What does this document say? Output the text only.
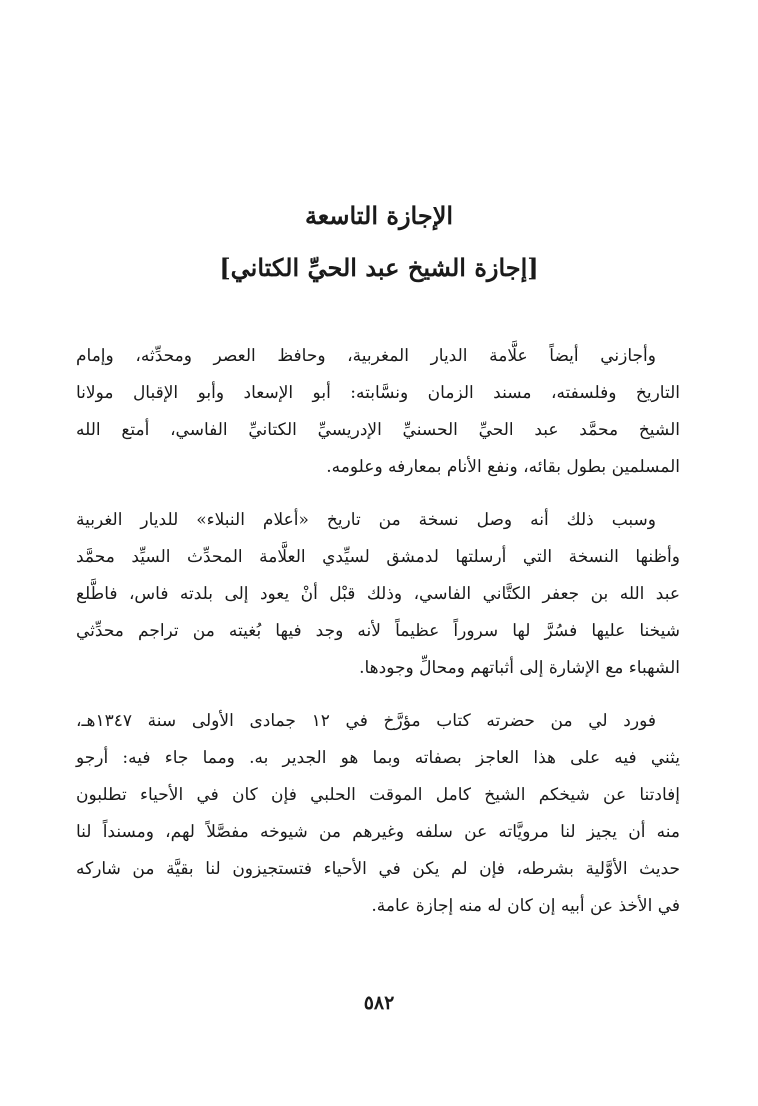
الإجازة التاسعة
[إجازة الشيخ عبد الحيِّ الكتاني]

وأجازني أيضاً علَّامة الديار المغربية، وحافظ العصر ومحدِّثه، وإمام
التاريخ وفلسفته، مسند الزمان ونسَّابته: أبو الإسعاد وأبو الإقبال مولانا
الشيخ محمَّد عبد الحيِّ الحسنيِّ الإدريسيِّ الكتانيِّ الفاسي، أمتع الله
المسلمين بطول بقائه، ونفع الأنام بمعارفه وعلومه.

وسبب ذلك أنه وصل نسخة من تاريخ «أعلام النبلاء» للديار الغربية
وأظنها النسخة التي أرسلتها لدمشق لسيِّدي العلَّامة المحدِّث السيِّد محمَّد
عبد الله بن جعفر الكتَّاني الفاسي، وذلك قبْل أنْ يعود إلى بلدته فاس، فاطَّلع
شيخنا عليها فسُرَّ لها سروراً عظيماً لأنه وجد فيها بُغيته من تراجم محدِّثي
الشهباء مع الإشارة إلى أثباتهم ومحالِّ وجودها.

فورد لي من حضرته كتاب مؤرَّخ في ١٢ جمادى الأولى سنة ١٣٤٧هـ،
يثني فيه على هذا العاجز بصفاته وبما هو الجدير به. ومما جاء فيه: أرجو
إفادتنا عن شيخكم الشيخ كامل الموقت الحلبي فإن كان في الأحياء تطلبون
منه أن يجيز لنا مرويَّاته عن سلفه وغيرهم من شيوخه مفصَّلاً لهم، ومسنداً لنا
حديث الأوَّلية بشرطه، فإن لم يكن في الأحياء فتستجيزون لنا بقيَّة من شاركه
في الأخذ عن أبيه إن كان له منه إجازة عامة.

٥٨٢
